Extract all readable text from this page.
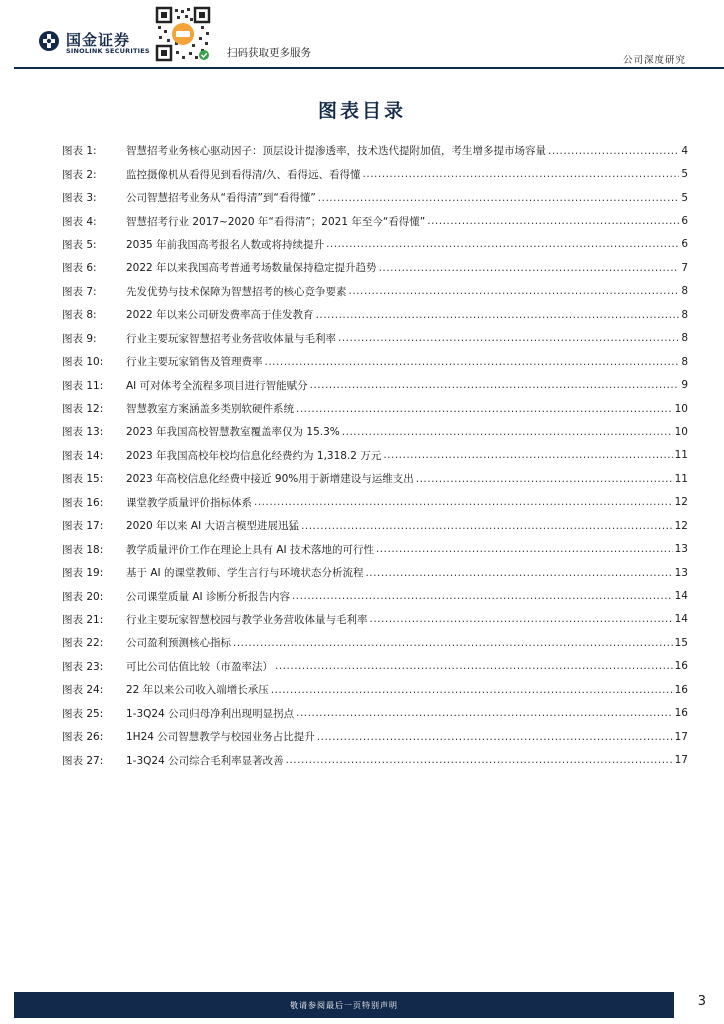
国金证券
SINOLINK SECURITIES	扫码获取更多服务
公司深度研究
图表目录
图表 1:	智慧招考业务核心驱动因子：顶层设计提渗透率，技术迭代提附加值，考生增多提市场容量 .....	4
图表 2:	监控摄像机从看得见到看得清/久、看得远、看得懂 .....	5
图表 3:	公司智慧招考业务从“看得清”到“看得懂” .....	5
图表 4:	智慧招考行业 2017~2020 年“看得清”；2021 年至今“看得懂” .....	6
图表 5:	2035 年前我国高考报名人数或将持续提升 .....	6
图表 6:	2022 年以来我国高考普通考场数量保持稳定提升趋势 .....	7
图表 7:	先发优势与技术保障为智慧招考的核心竞争要素 .....	8
图表 8:	2022 年以来公司研发费率高于佳发教育 .....	8
图表 9:	行业主要玩家智慧招考业务营收体量与毛利率 .....	8
图表 10:	行业主要玩家销售及管理费率 .....	8
图表 11:	AI 可对体考全流程多项目进行智能赋分 .....	9
图表 12:	智慧教室方案涵盖多类别软硬件系统 .....	10
图表 13:	2023 年我国高校智慧教室覆盖率仅为 15.3% .....	10
图表 14:	2023 年我国高校年校均信息化经费约为 1,318.2 万元 .....	11
图表 15:	2023 年高校信息化经费中接近 90%用于新增建设与运维支出 .....	11
图表 16:	课堂教学质量评价指标体系 .....	12
图表 17:	2020 年以来 AI 大语言模型进展迅猛 .....	12
图表 18:	教学质量评价工作在理论上具有 AI 技术落地的可行性 .....	13
图表 19:	基于 AI 的课堂教师、学生言行与环境状态分析流程 .....	13
图表 20:	公司课堂质量 AI 诊断分析报告内容 .....	14
图表 21:	行业主要玩家智慧校园与教学业务营收体量与毛利率 .....	14
图表 22:	公司盈利预测核心指标 .....	15
图表 23:	可比公司估值比较（市盈率法） .....	16
图表 24:	22 年以来公司收入端增长承压 .....	16
图表 25:	1-3Q24 公司归母净利出现明显拐点 .....	16
图表 26:	1H24 公司智慧教学与校园业务占比提升 .....	17
图表 27:	1-3Q24 公司综合毛利率显著改善 .....	17
敬请参阅最后一页特别声明	3
